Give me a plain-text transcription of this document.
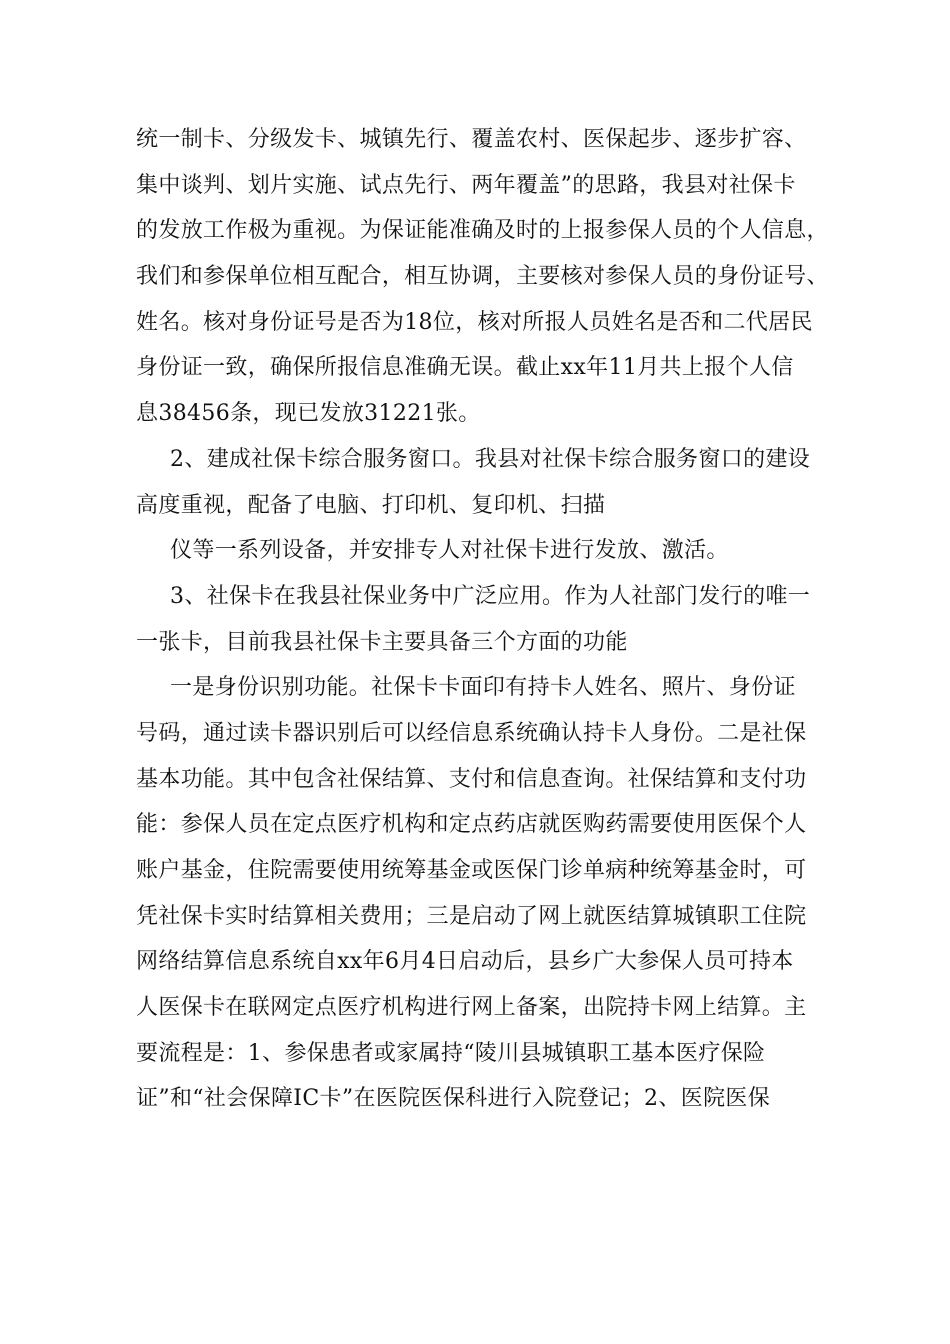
统一制卡、分级发卡、城镇先行、覆盖农村、医保起步、逐步扩容、
集中谈判、划片实施、试点先行、两年覆盖”的思路，我县对社保卡
的发放工作极为重视。为保证能准确及时的上报参保人员的个人信息，
我们和参保单位相互配合，相互协调，主要核对参保人员的身份证号、
姓名。核对身份证号是否为18位，核对所报人员姓名是否和二代居民
身份证一致，确保所报信息准确无误。截止xx年11月共上报个人信
息38456条，现已发放31221张。
2、建成社保卡综合服务窗口。我县对社保卡综合服务窗口的建设
高度重视，配备了电脑、打印机、复印机、扫描
仪等一系列设备，并安排专人对社保卡进行发放、激活。
3、社保卡在我县社保业务中广泛应用。作为人社部门发行的唯一
一张卡，目前我县社保卡主要具备三个方面的功能
一是身份识别功能。社保卡卡面印有持卡人姓名、照片、身份证
号码，通过读卡器识别后可以经信息系统确认持卡人身份。二是社保
基本功能。其中包含社保结算、支付和信息查询。社保结算和支付功
能：参保人员在定点医疗机构和定点药店就医购药需要使用医保个人
账户基金，住院需要使用统筹基金或医保门诊单病种统筹基金时，可
凭社保卡实时结算相关费用；三是启动了网上就医结算城镇职工住院
网络结算信息系统自xx年6月4日启动后，县乡广大参保人员可持本
人医保卡在联网定点医疗机构进行网上备案，出院持卡网上结算。主
要流程是：1、参保患者或家属持“陵川县城镇职工基本医疗保险
证”和“社会保障IC卡”在医院医保科进行入院登记；2、医院医保
